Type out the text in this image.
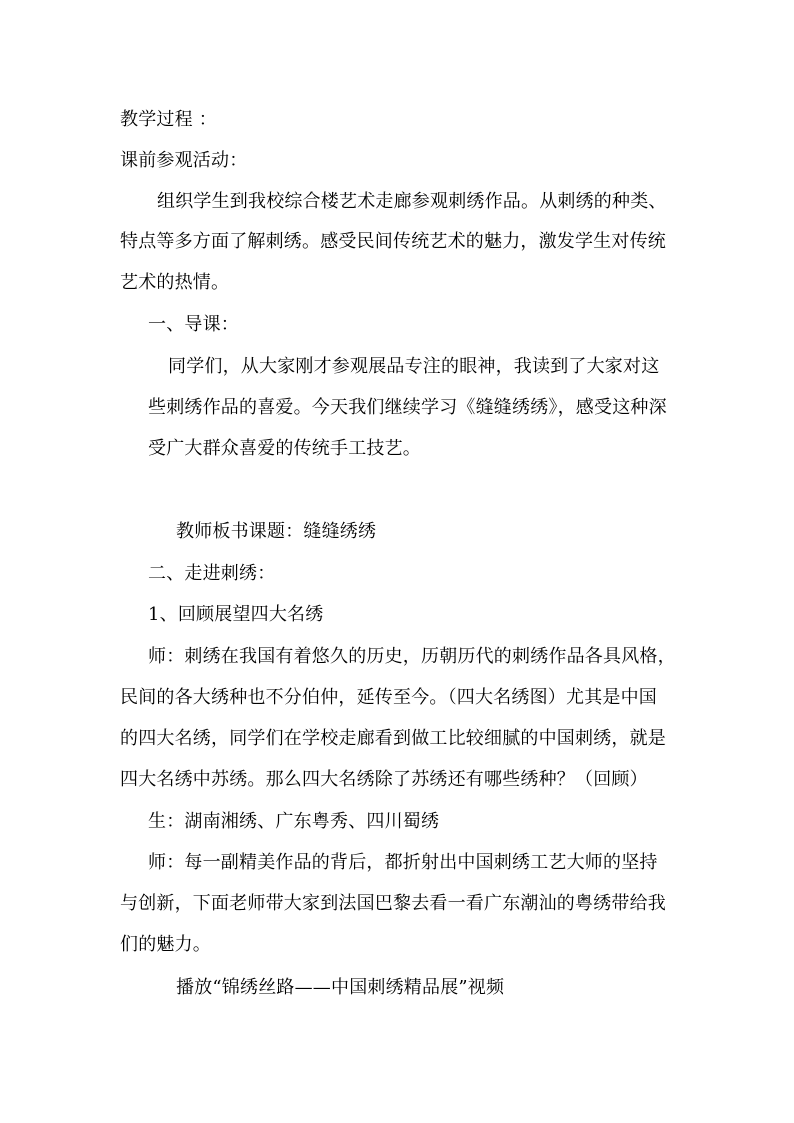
教学过程 ：
课前参观活动：
组织学生到我校综合楼艺术走廊参观刺绣作品。从刺绣的种类、
特点等多方面了解刺绣。感受民间传统艺术的魅力，激发学生对传统
艺术的热情。
一、导课：
同学们，从大家刚才参观展品专注的眼神，我读到了大家对这
些刺绣作品的喜爱。今天我们继续学习《缝缝绣绣》，感受这种深
受广大群众喜爱的传统手工技艺。
教师板书课题：缝缝绣绣
二、走进刺绣：
1、回顾展望四大名绣
师：刺绣在我国有着悠久的历史，历朝历代的刺绣作品各具风格，
民间的各大绣种也不分伯仲，延传至今。（四大名绣图）尤其是中国
的四大名绣，同学们在学校走廊看到做工比较细腻的中国刺绣，就是
四大名绣中苏绣。那么四大名绣除了苏绣还有哪些绣种？（回顾）
生：湖南湘绣、广东粤秀、四川蜀绣
师：每一副精美作品的背后，都折射出中国刺绣工艺大师的坚持
与创新，下面老师带大家到法国巴黎去看一看广东潮汕的粤绣带给我
们的魅力。
播放“锦绣丝路——中国刺绣精品展”视频
